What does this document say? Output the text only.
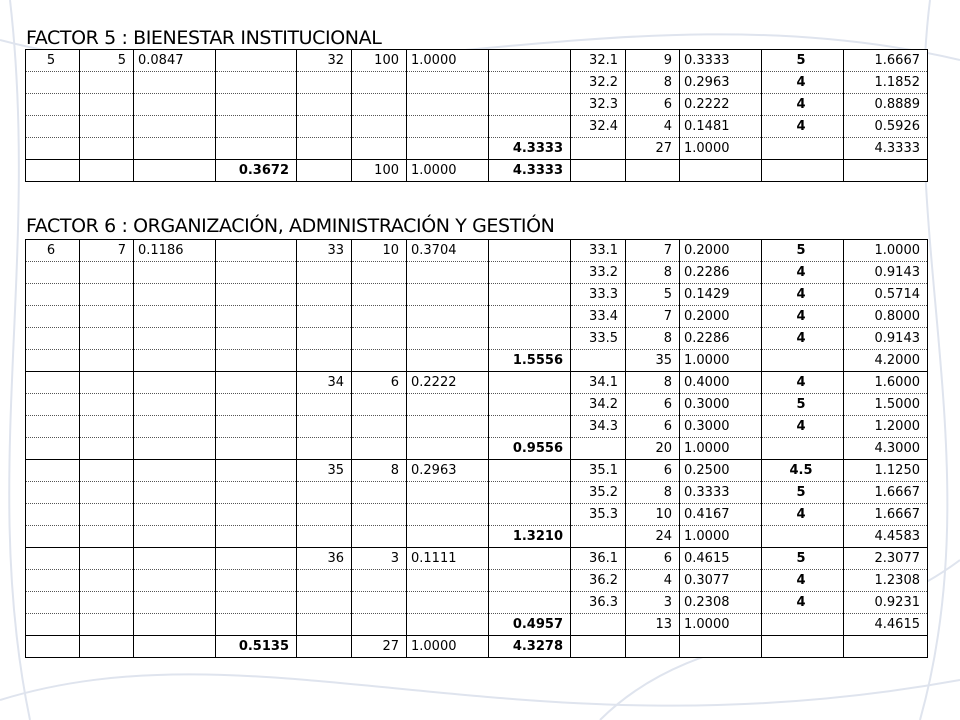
FACTOR 5 : BIENESTAR INSTITUCIONAL
5	5	0.0847		32	100	1.0000		32.1	9	0.3333	5	1.6667
								32.2	8	0.2963	4	1.1852
								32.3	6	0.2222	4	0.8889
								32.4	4	0.1481	4	0.5926
							4.3333		27	1.0000		4.3333
			0.3672		100	1.0000	4.3333					
FACTOR 6 : ORGANIZACIÓN, ADMINISTRACIÓN Y GESTIÓN
6	7	0.1186		33	10	0.3704		33.1	7	0.2000	5	1.0000
								33.2	8	0.2286	4	0.9143
								33.3	5	0.1429	4	0.5714
								33.4	7	0.2000	4	0.8000
								33.5	8	0.2286	4	0.9143
							1.5556		35	1.0000		4.2000
				34	6	0.2222		34.1	8	0.4000	4	1.6000
								34.2	6	0.3000	5	1.5000
								34.3	6	0.3000	4	1.2000
							0.9556		20	1.0000		4.3000
				35	8	0.2963		35.1	6	0.2500	4.5	1.1250
								35.2	8	0.3333	5	1.6667
								35.3	10	0.4167	4	1.6667
							1.3210		24	1.0000		4.4583
				36	3	0.1111		36.1	6	0.4615	5	2.3077
								36.2	4	0.3077	4	1.2308
								36.3	3	0.2308	4	0.9231
							0.4957		13	1.0000		4.4615
			0.5135		27	1.0000	4.3278					
